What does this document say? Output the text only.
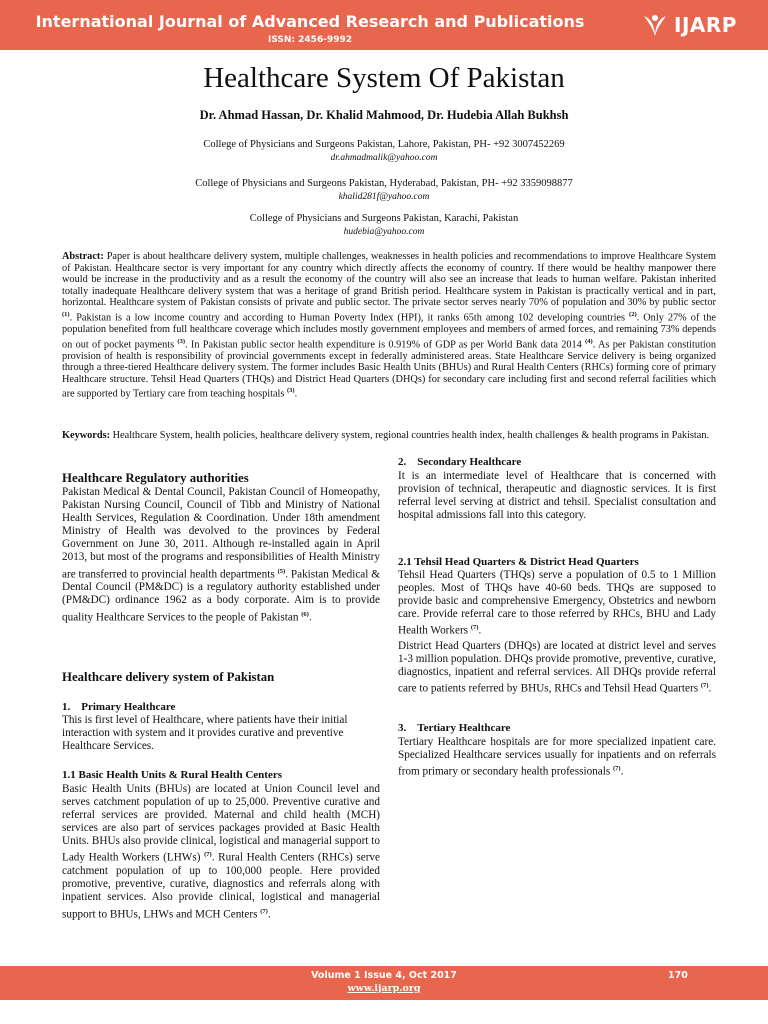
International Journal of Advanced Research and Publications
ISSN: 2456-9992
IJARP
Healthcare System Of Pakistan
Dr. Ahmad Hassan, Dr. Khalid Mahmood, Dr. Hudebia Allah Bukhsh
College of Physicians and Surgeons Pakistan, Lahore, Pakistan, PH- +92 3007452269
dr.ahmadmalik@yahoo.com
College of Physicians and Surgeons Pakistan, Hyderabad, Pakistan, PH- +92 3359098877
khalid281f@yahoo.com
College of Physicians and Surgeons Pakistan, Karachi, Pakistan
hudebia@yahoo.com
Abstract: Paper is about healthcare delivery system, multiple challenges, weaknesses in health policies and recommendations to improve Healthcare System of Pakistan. Healthcare sector is very important for any country which directly affects the economy of country. If there would be healthy manpower there would be increase in the productivity and as a result the economy of the country will also see an increase that leads to human welfare. Pakistan inherited totally inadequate Healthcare delivery system that was a heritage of grand British period. Healthcare system in Pakistan is practically vertical and in part, horizontal. Healthcare system of Pakistan consists of private and public sector. The private sector serves nearly 70% of population and 30% by public sector $^{(1)}$. Pakistan is a low income country and according to Human Poverty Index (HPI), it ranks 65th among 102 developing countries $^{(2)}$. Only 27% of the population benefited from full healthcare coverage which includes mostly government employees and members of armed forces, and remaining 73% depends on out of pocket payments $^{(3)}$. In Pakistan public sector health expenditure is 0.919% of GDP as per World Bank data 2014 $^{(4)}$. As per Pakistan constitution provision of health is responsibility of provincial governments except in federally administered areas. State Healthcare Service delivery is being organized through a three-tiered Healthcare delivery system. The former includes Basic Health Units (BHUs) and Rural Health Centers (RHCs) forming core of primary Healthcare structure. Tehsil Head Quarters (THQs) and District Head Quarters (DHQs) for secondary care including first and second referral facilities which are supported by Tertiary care from teaching hospitals $^{(3)}$.
Keywords: Healthcare System, health policies, healthcare delivery system, regional countries health index, health challenges & health programs in Pakistan.
Healthcare Regulatory authorities
Pakistan Medical & Dental Council, Pakistan Council of Homeopathy, Pakistan Nursing Council, Council of Tibb and Ministry of National Health Services, Regulation & Coordination. Under 18th amendment Ministry of Health was devolved to the provinces by Federal Government on June 30, 2011. Although re-installed again in April 2013, but most of the programs and responsibilities of Health Ministry are transferred to provincial health departments $^{(5)}$. Pakistan Medical & Dental Council (PM&DC) is a regulatory authority established under (PM&DC) ordinance 1962 as a body corporate. Aim is to provide quality Healthcare Services to the people of Pakistan $^{(6)}$.
Healthcare delivery system of Pakistan
1.    Primary Healthcare
This is first level of Healthcare, where patients have their initial interaction with system and it provides curative and preventive Healthcare Services.
1.1 Basic Health Units & Rural Health Centers
Basic Health Units (BHUs) are located at Union Council level and serves catchment population of up to 25,000. Preventive curative and referral services are provided. Maternal and child health (MCH) services are also part of services packages provided at Basic Health Units. BHUs also provide clinical, logistical and managerial support to Lady Health Workers (LHWs) $^{(7)}$. Rural Health Centers (RHCs) serve catchment population of up to 100,000 people. Here provided promotive, preventive, curative, diagnostics and referrals along with inpatient services. Also provide clinical, logistical and managerial support to BHUs, LHWs and MCH Centers $^{(7)}$.
2.    Secondary Healthcare
It is an intermediate level of Healthcare that is concerned with provision of technical, therapeutic and diagnostic services. It is first referral level serving at district and tehsil. Specialist consultation and hospital admissions fall into this category.
2.1 Tehsil Head Quarters & District Head Quarters
Tehsil Head Quarters (THQs) serve a population of 0.5 to 1 Million peoples. Most of THQs have 40-60 beds. THQs are supposed to provide basic and comprehensive Emergency, Obstetrics and newborn care. Provide referral care to those referred by RHCs, BHU and Lady Health Workers $^{(7)}$.
District Head Quarters (DHQs) are located at district level and serves 1-3 million population. DHQs provide promotive, preventive, curative, diagnostics, inpatient and referral services. All DHQs provide referral care to patients referred by BHUs, RHCs and Tehsil Head Quarters $^{(7)}$.
3.    Tertiary Healthcare
Tertiary Healthcare hospitals are for more specialized inpatient care. Specialized Healthcare services usually for inpatients and on referrals from primary or secondary health professionals $^{(7)}$.
Volume 1 Issue 4, Oct 2017	170
www.ijarp.org
